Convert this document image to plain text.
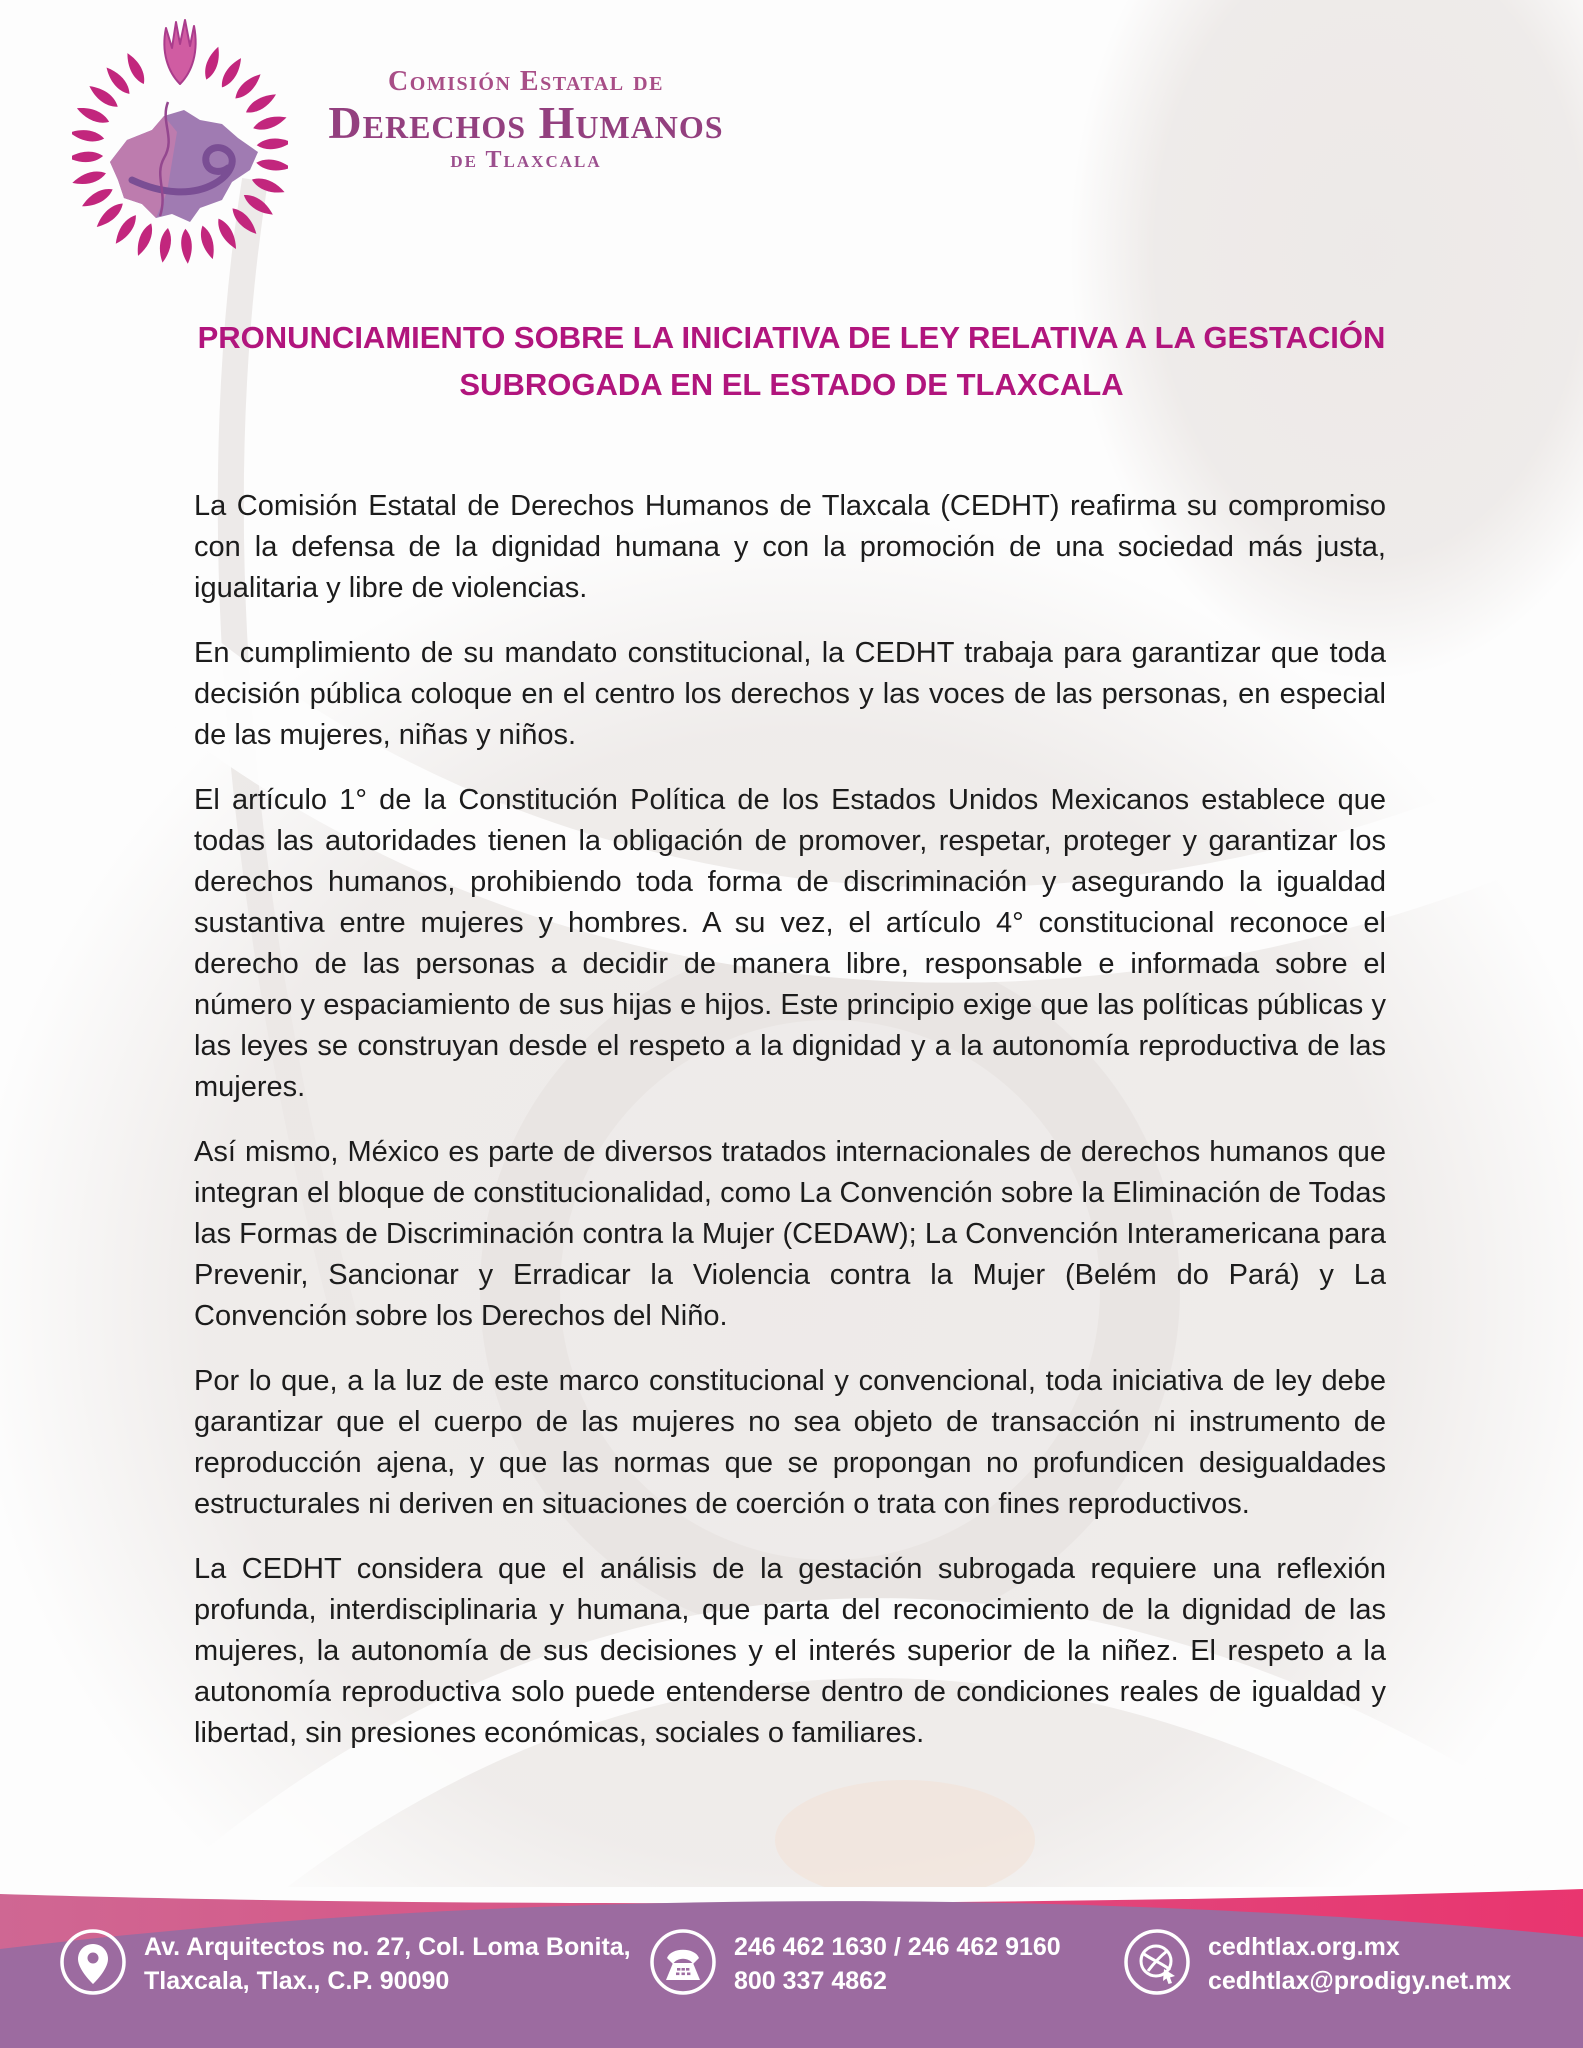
Comisión Estatal de
Derechos Humanos
de Tlaxcala
PRONUNCIAMIENTO SOBRE LA INICIATIVA DE LEY RELATIVA A LA GESTACIÓN SUBROGADA EN EL ESTADO DE TLAXCALA

La Comisión Estatal de Derechos Humanos de Tlaxcala (CEDHT) reafirma su compromiso con la defensa de la dignidad humana y con la promoción de una sociedad más justa, igualitaria y libre de violencias.

En cumplimiento de su mandato constitucional, la CEDHT trabaja para garantizar que toda decisión pública coloque en el centro los derechos y las voces de las personas, en especial de las mujeres, niñas y niños.

El artículo 1° de la Constitución Política de los Estados Unidos Mexicanos establece que todas las autoridades tienen la obligación de promover, respetar, proteger y garantizar los derechos humanos, prohibiendo toda forma de discriminación y asegurando la igualdad sustantiva entre mujeres y hombres. A su vez, el artículo 4° constitucional reconoce el derecho de las personas a decidir de manera libre, responsable e informada sobre el número y espaciamiento de sus hijas e hijos. Este principio exige que las políticas públicas y las leyes se construyan desde el respeto a la dignidad y a la autonomía reproductiva de las mujeres.

Así mismo, México es parte de diversos tratados internacionales de derechos humanos que integran el bloque de constitucionalidad, como La Convención sobre la Eliminación de Todas las Formas de Discriminación contra la Mujer (CEDAW); La Convención Interamericana para Prevenir, Sancionar y Erradicar la Violencia contra la Mujer (Belém do Pará) y La Convención sobre los Derechos del Niño.

Por lo que, a la luz de este marco constitucional y convencional, toda iniciativa de ley debe garantizar que el cuerpo de las mujeres no sea objeto de transacción ni instrumento de reproducción ajena, y que las normas que se propongan no profundicen desigualdades estructurales ni deriven en situaciones de coerción o trata con fines reproductivos.

La CEDHT considera que el análisis de la gestación subrogada requiere una reflexión profunda, interdisciplinaria y humana, que parta del reconocimiento de la dignidad de las mujeres, la autonomía de sus decisiones y el interés superior de la niñez. El respeto a la autonomía reproductiva solo puede entenderse dentro de condiciones reales de igualdad y libertad, sin presiones económicas, sociales o familiares.

Av. Arquitectos no. 27, Col. Loma Bonita,
Tlaxcala, Tlax., C.P. 90090
246 462 1630 / 246 462 9160
800 337 4862
cedhtlax.org.mx
cedhtlax@prodigy.net.mx
